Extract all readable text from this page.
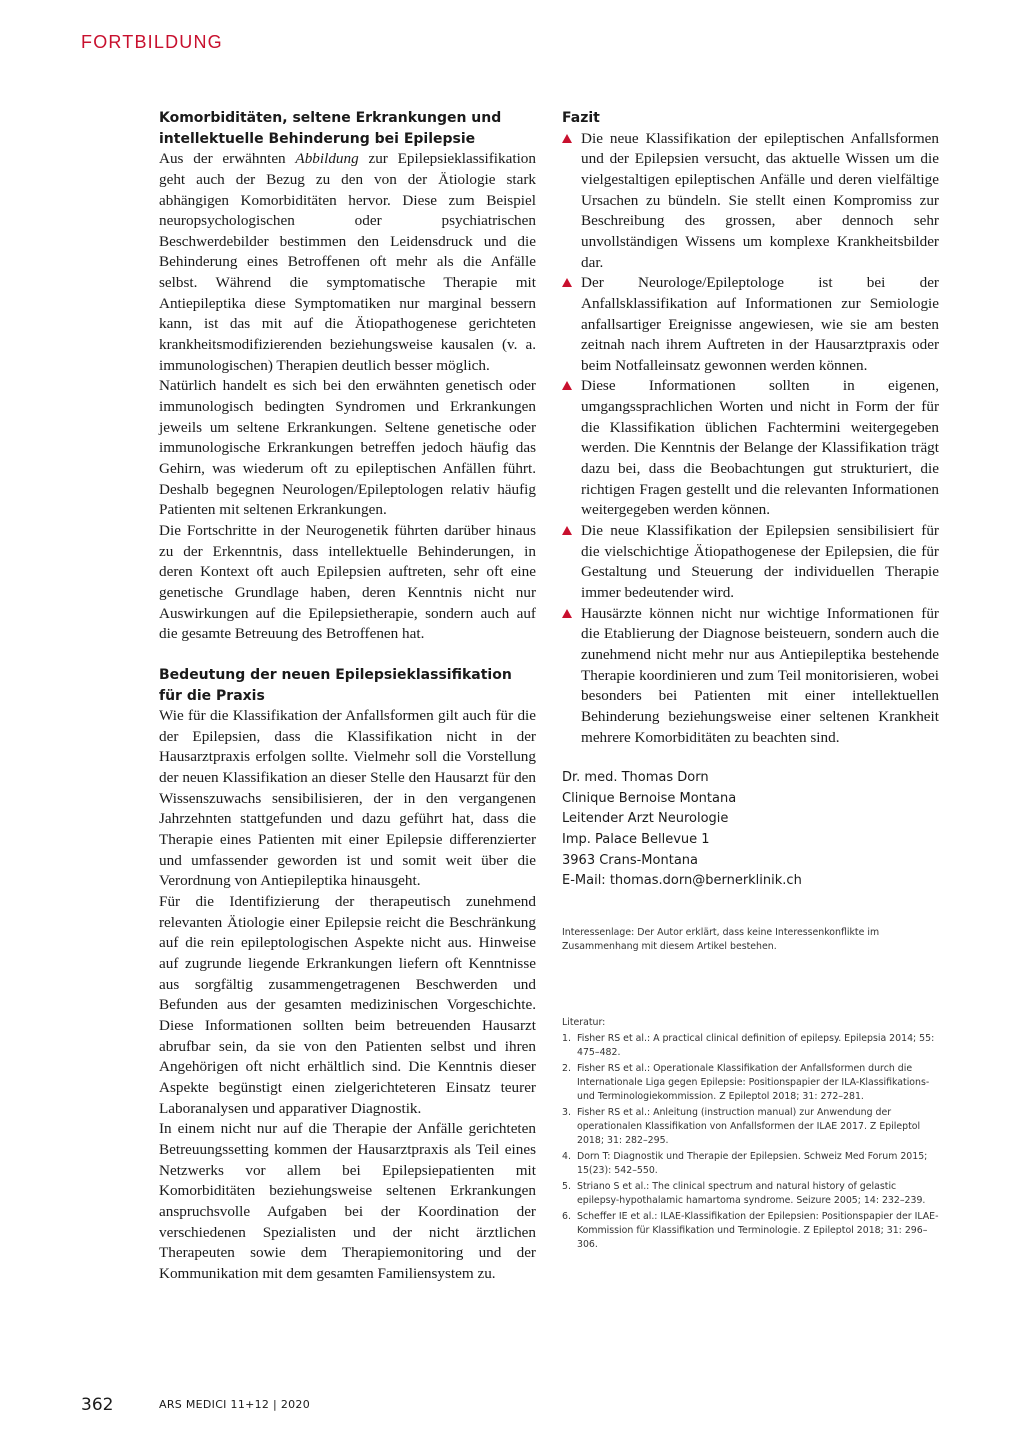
FORTBILDUNG
Komorbiditäten, seltene Erkrankungen und intellektuelle Behinderung bei Epilepsie

Aus der erwähnten Abbildung zur Epilepsieklassifikation geht auch der Bezug zu den von der Ätiologie stark abhängigen Komorbiditäten hervor. Diese zum Beispiel neuropsychologischen oder psychiatrischen Beschwerdebilder bestimmen den Leidensdruck und die Behinderung eines Betroffenen oft mehr als die Anfälle selbst. Während die symptomatische Therapie mit Antiepileptika diese Symptomatiken nur marginal bessern kann, ist das mit auf die Ätiopathogenese gerichteten krankheitsmodifizierenden beziehungsweise kausalen (v. a. immunologischen) Therapien deutlich besser möglich.

Natürlich handelt es sich bei den erwähnten genetisch oder immunologisch bedingten Syndromen und Erkrankungen jeweils um seltene Erkrankungen. Seltene genetische oder immunologische Erkrankungen betreffen jedoch häufig das Gehirn, was wiederum oft zu epileptischen Anfällen führt. Deshalb begegnen Neurologen/Epileptologen relativ häufig Patienten mit seltenen Erkrankungen.

Die Fortschritte in der Neurogenetik führten darüber hinaus zu der Erkenntnis, dass intellektuelle Behinderungen, in deren Kontext oft auch Epilepsien auftreten, sehr oft eine genetische Grundlage haben, deren Kenntnis nicht nur Auswirkungen auf die Epilepsietherapie, sondern auch auf die gesamte Betreuung des Betroffenen hat.

Bedeutung der neuen Epilepsieklassifikation für die Praxis

Wie für die Klassifikation der Anfallsformen gilt auch für die der Epilepsien, dass die Klassifikation nicht in der Hausarztpraxis erfolgen sollte. Vielmehr soll die Vorstellung der neuen Klassifikation an dieser Stelle den Hausarzt für den Wissenszuwachs sensibilisieren, der in den vergangenen Jahrzehnten stattgefunden und dazu geführt hat, dass die Therapie eines Patienten mit einer Epilepsie differenzierter und umfassender geworden ist und somit weit über die Verordnung von Antiepileptika hinausgeht.

Für die Identifizierung der therapeutisch zunehmend relevanten Ätiologie einer Epilepsie reicht die Beschränkung auf die rein epileptologischen Aspekte nicht aus. Hinweise auf zugrunde liegende Erkrankungen liefern oft Kenntnisse aus sorgfältig zusammengetragenen Beschwerden und Befunden aus der gesamten medizinischen Vorgeschichte. Diese Informationen sollten beim betreuenden Hausarzt abrufbar sein, da sie von den Patienten selbst und ihren Angehörigen oft nicht erhältlich sind. Die Kenntnis dieser Aspekte begünstigt einen zielgerichteteren Einsatz teurer Laboranalysen und apparativer Diagnostik.

In einem nicht nur auf die Therapie der Anfälle gerichteten Betreuungssetting kommen der Hausarztpraxis als Teil eines Netzwerks vor allem bei Epilepsiepatienten mit Komorbiditäten beziehungsweise seltenen Erkrankungen anspruchsvolle Aufgaben bei der Koordination der verschiedenen Spezialisten und der nicht ärztlichen Therapeuten sowie dem Therapiemonitoring und der Kommunikation mit dem gesamten Familiensystem zu.

Fazit
Die neue Klassifikation der epileptischen Anfallsformen und der Epilepsien versucht, das aktuelle Wissen um die vielgestaltigen epileptischen Anfälle und deren vielfältige Ursachen zu bündeln. Sie stellt einen Kompromiss zur Beschreibung des grossen, aber dennoch sehr unvollständigen Wissens um komplexe Krankheitsbilder dar.
Der Neurologe/Epileptologe ist bei der Anfallsklassifikation auf Informationen zur Semiologie anfallsartiger Ereignisse angewiesen, wie sie am besten zeitnah nach ihrem Auftreten in der Hausarztpraxis oder beim Notfalleinsatz gewonnen werden können.
Diese Informationen sollten in eigenen, umgangssprachlichen Worten und nicht in Form der für die Klassifikation üblichen Fachtermini weitergegeben werden. Die Kenntnis der Belange der Klassifikation trägt dazu bei, dass die Beobachtungen gut strukturiert, die richtigen Fragen gestellt und die relevanten Informationen weitergegeben werden können.
Die neue Klassifikation der Epilepsien sensibilisiert für die vielschichtige Ätiopathogenese der Epilepsien, die für Gestaltung und Steuerung der individuellen Therapie immer bedeutender wird.
Hausärzte können nicht nur wichtige Informationen für die Etablierung der Diagnose beisteuern, sondern auch die zunehmend nicht mehr nur aus Antiepileptika bestehende Therapie koordinieren und zum Teil monitorisieren, wobei besonders bei Patienten mit einer intellektuellen Behinderung beziehungsweise einer seltenen Krankheit mehrere Komorbiditäten zu beachten sind.
Dr. med. Thomas Dorn
Clinique Bernoise Montana
Leitender Arzt Neurologie
Imp. Palace Bellevue 1
3963 Crans-Montana
E-Mail: thomas.dorn@bernerklinik.ch
Interessenlage: Der Autor erklärt, dass keine Interessenkonflikte im Zusammenhang mit diesem Artikel bestehen.
Literatur:
1. Fisher RS et al.: A practical clinical definition of epilepsy. Epilepsia 2014; 55: 475–482.
2. Fisher RS et al.: Operationale Klassifikation der Anfallsformen durch die Internationale Liga gegen Epilepsie: Positionspapier der ILA-Klassifikations- und Terminologiekommission. Z Epileptol 2018; 31: 272–281.
3. Fisher RS et al.: Anleitung (instruction manual) zur Anwendung der operationalen Klassifikation von Anfallsformen der ILAE 2017. Z Epileptol 2018; 31: 282–295.
4. Dorn T: Diagnostik und Therapie der Epilepsien. Schweiz Med Forum 2015; 15(23): 542–550.
5. Striano S et al.: The clinical spectrum and natural history of gelastic epilepsy-hypothalamic hamartoma syndrome. Seizure 2005; 14: 232–239.
6. Scheffer IE et al.: ILAE-Klassifikation der Epilepsien: Positionspapier der ILAE-Kommission für Klassifikation und Terminologie. Z Epileptol 2018; 31: 296–306.
362	ARS MEDICI 11+12 | 2020
